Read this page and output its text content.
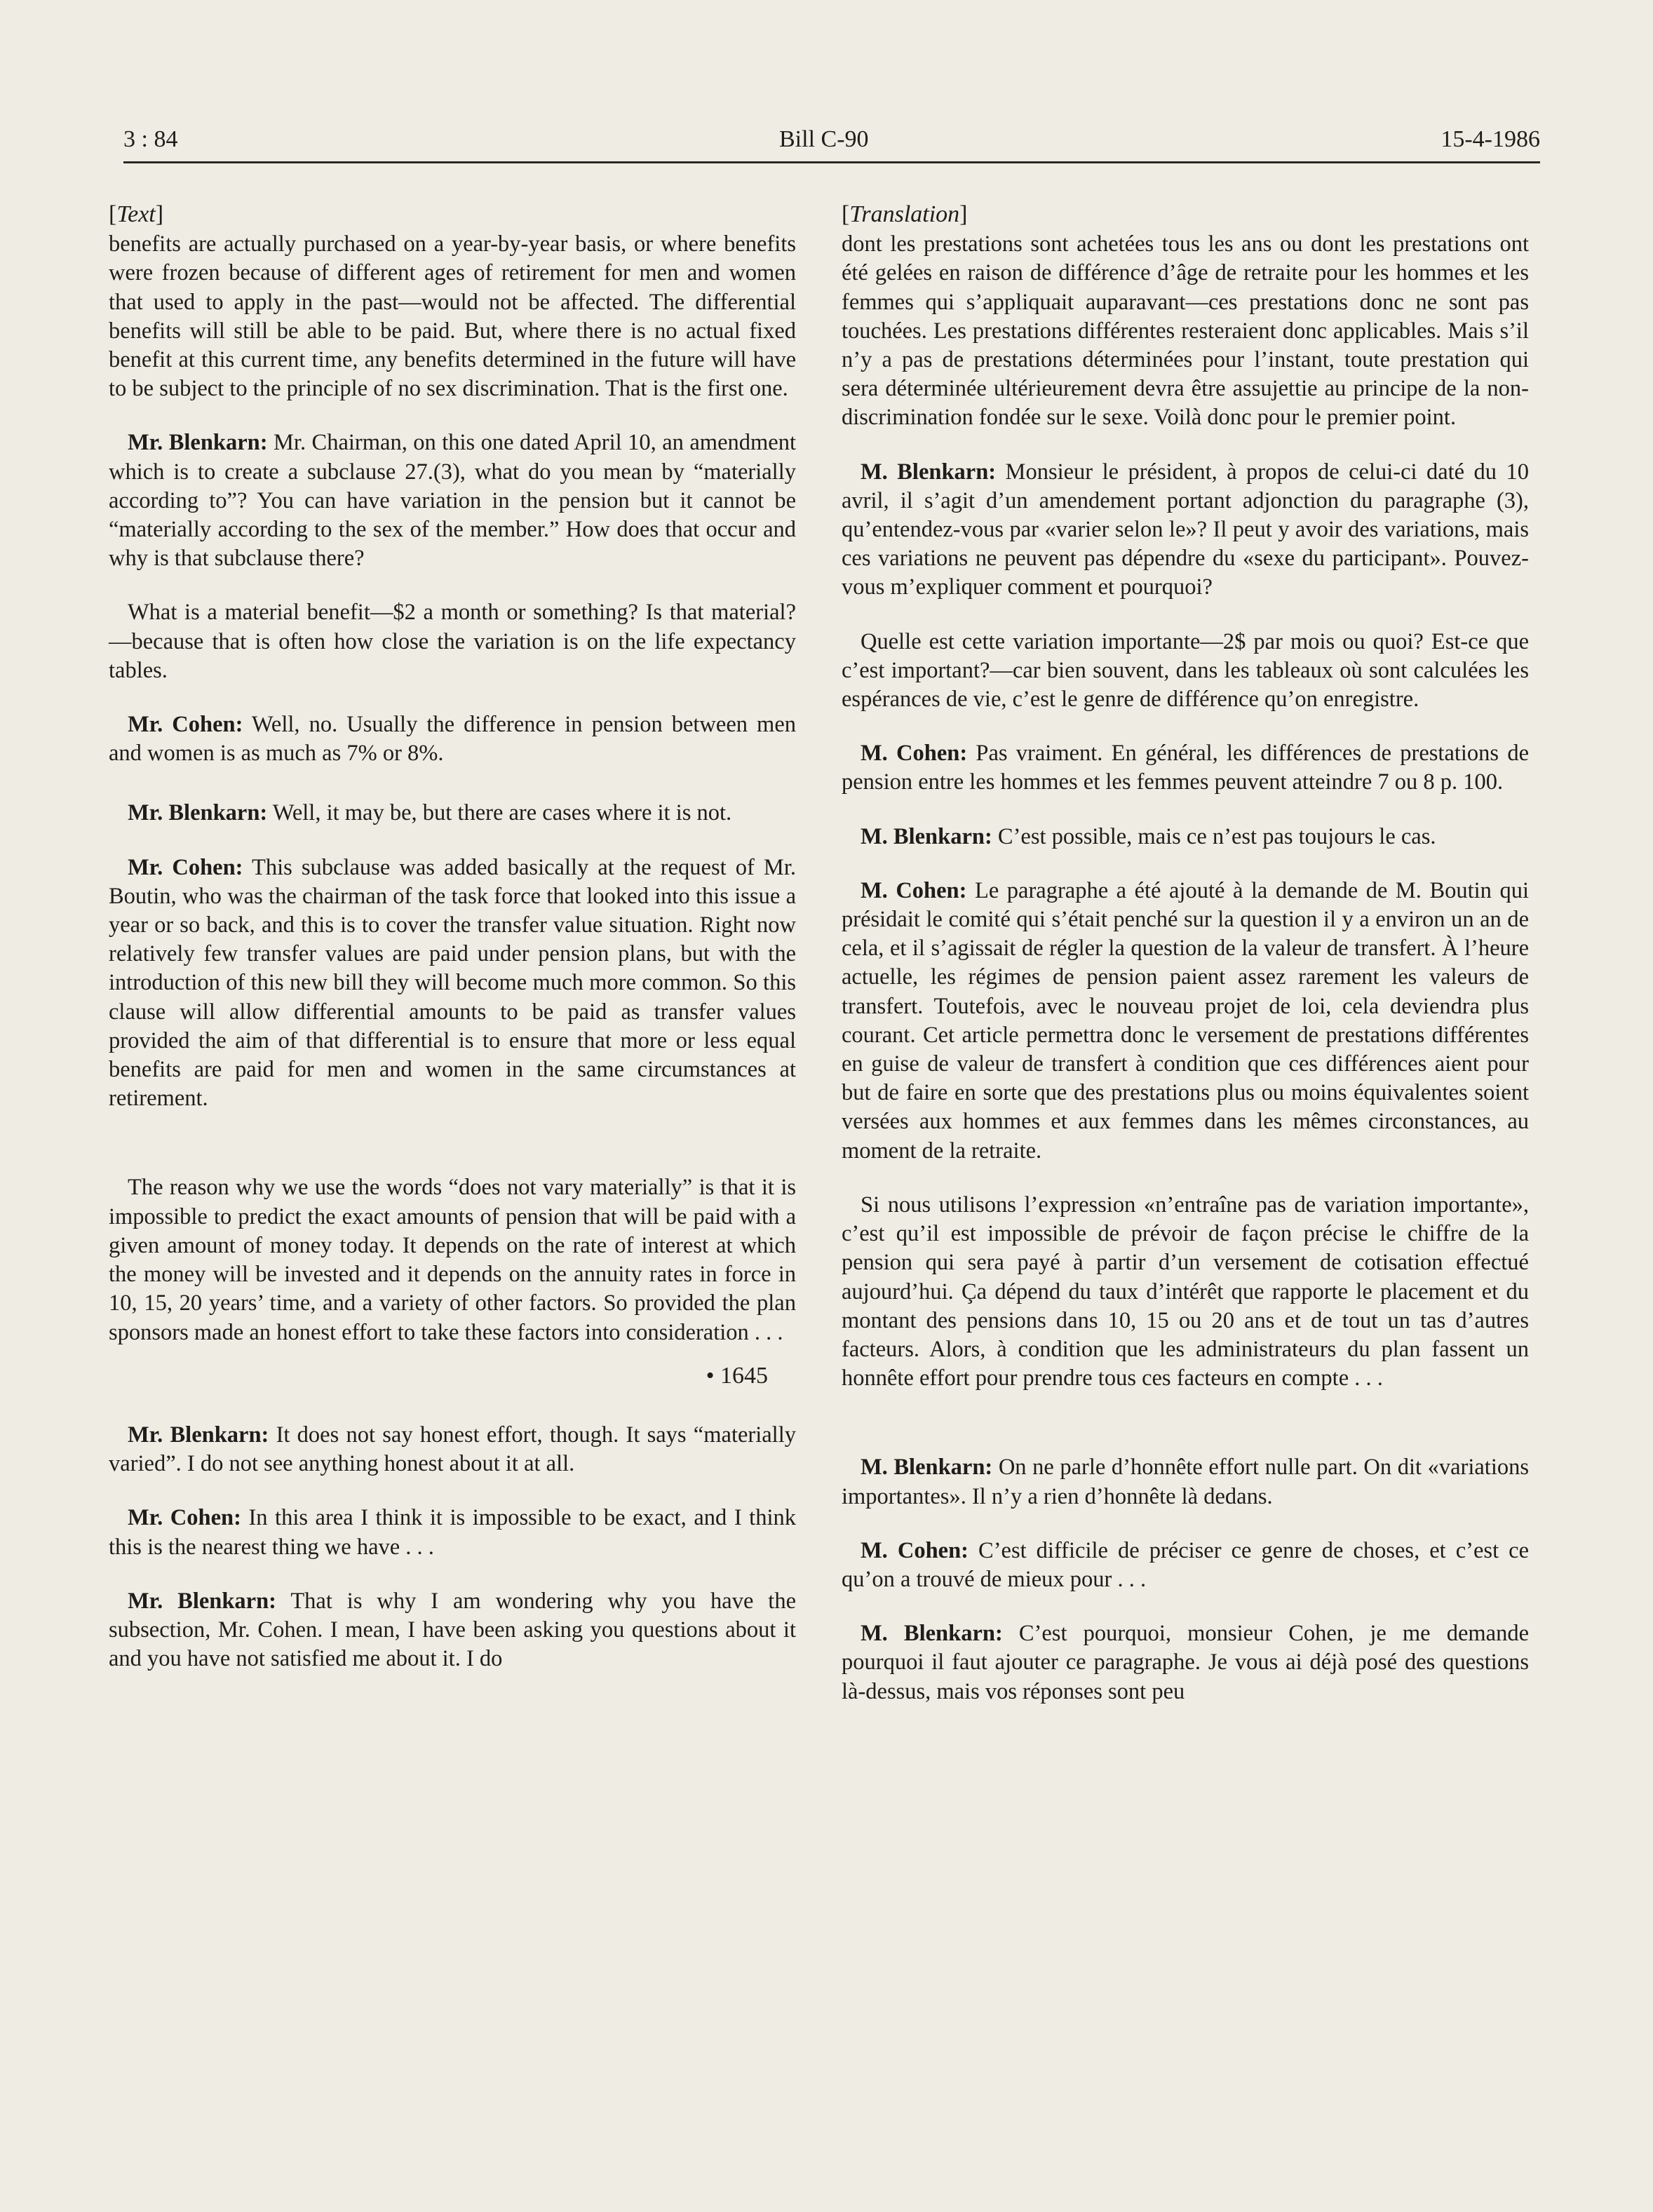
3 : 84	Bill C-90	15-4-1986
[Text]

benefits are actually purchased on a year-by-year basis, or where benefits were frozen because of different ages of retirement for men and women that used to apply in the past—would not be affected. The differential benefits will still be able to be paid. But, where there is no actual fixed benefit at this current time, any benefits determined in the future will have to be subject to the principle of no sex discrimination. That is the first one.

Mr. Blenkarn: Mr. Chairman, on this one dated April 10, an amendment which is to create a subclause 27.(3), what do you mean by “materially according to”? You can have variation in the pension but it cannot be “materially according to the sex of the member.” How does that occur and why is that subclause there?

What is a material benefit—$2 a month or something? Is that material?—because that is often how close the variation is on the life expectancy tables.

Mr. Cohen: Well, no. Usually the difference in pension between men and women is as much as 7% or 8%.

Mr. Blenkarn: Well, it may be, but there are cases where it is not.

Mr. Cohen: This subclause was added basically at the request of Mr. Boutin, who was the chairman of the task force that looked into this issue a year or so back, and this is to cover the transfer value situation. Right now relatively few transfer values are paid under pension plans, but with the introduction of this new bill they will become much more common. So this clause will allow differential amounts to be paid as transfer values provided the aim of that differential is to ensure that more or less equal benefits are paid for men and women in the same circumstances at retirement.

The reason why we use the words “does not vary materially” is that it is impossible to predict the exact amounts of pension that will be paid with a given amount of money today. It depends on the rate of interest at which the money will be invested and it depends on the annuity rates in force in 10, 15, 20 years’ time, and a variety of other factors. So provided the plan sponsors made an honest effort to take these factors into consideration . . .

• 1645

Mr. Blenkarn: It does not say honest effort, though. It says “materially varied”. I do not see anything honest about it at all.

Mr. Cohen: In this area I think it is impossible to be exact, and I think this is the nearest thing we have . . .

Mr. Blenkarn: That is why I am wondering why you have the subsection, Mr. Cohen. I mean, I have been asking you questions about it and you have not satisfied me about it. I do

[Translation]

dont les prestations sont achetées tous les ans ou dont les prestations ont été gelées en raison de différence d’âge de retraite pour les hommes et les femmes qui s’appliquait auparavant—ces prestations donc ne sont pas touchées. Les prestations différentes resteraient donc applicables. Mais s’il n’y a pas de prestations déterminées pour l’instant, toute prestation qui sera déterminée ultérieurement devra être assujettie au principe de la non-discrimination fondée sur le sexe. Voilà donc pour le premier point.

M. Blenkarn: Monsieur le président, à propos de celui-ci daté du 10 avril, il s’agit d’un amendement portant adjonction du paragraphe (3), qu’entendez-vous par «varier selon le»? Il peut y avoir des variations, mais ces variations ne peuvent pas dépendre du «sexe du participant». Pouvez-vous m’expliquer comment et pourquoi?

Quelle est cette variation importante—2$ par mois ou quoi? Est-ce que c’est important?—car bien souvent, dans les tableaux où sont calculées les espérances de vie, c’est le genre de différence qu’on enregistre.

M. Cohen: Pas vraiment. En général, les différences de prestations de pension entre les hommes et les femmes peuvent atteindre 7 ou 8 p. 100.

M. Blenkarn: C’est possible, mais ce n’est pas toujours le cas.

M. Cohen: Le paragraphe a été ajouté à la demande de M. Boutin qui présidait le comité qui s’était penché sur la question il y a environ un an de cela, et il s’agissait de régler la question de la valeur de transfert. À l’heure actuelle, les régimes de pension paient assez rarement les valeurs de transfert. Toutefois, avec le nouveau projet de loi, cela deviendra plus courant. Cet article permettra donc le versement de prestations différentes en guise de valeur de transfert à condition que ces différences aient pour but de faire en sorte que des prestations plus ou moins équivalentes soient versées aux hommes et aux femmes dans les mêmes circonstances, au moment de la retraite.

Si nous utilisons l’expression «n’entraîne pas de variation importante», c’est qu’il est impossible de prévoir de façon précise le chiffre de la pension qui sera payé à partir d’un versement de cotisation effectué aujourd’hui. Ça dépend du taux d’intérêt que rapporte le placement et du montant des pensions dans 10, 15 ou 20 ans et de tout un tas d’autres facteurs. Alors, à condition que les administrateurs du plan fassent un honnête effort pour prendre tous ces facteurs en compte . . .

M. Blenkarn: On ne parle d’honnête effort nulle part. On dit «variations importantes». Il n’y a rien d’honnête là dedans.

M. Cohen: C’est difficile de préciser ce genre de choses, et c’est ce qu’on a trouvé de mieux pour . . .

M. Blenkarn: C’est pourquoi, monsieur Cohen, je me demande pourquoi il faut ajouter ce paragraphe. Je vous ai déjà posé des questions là-dessus, mais vos réponses sont peu
